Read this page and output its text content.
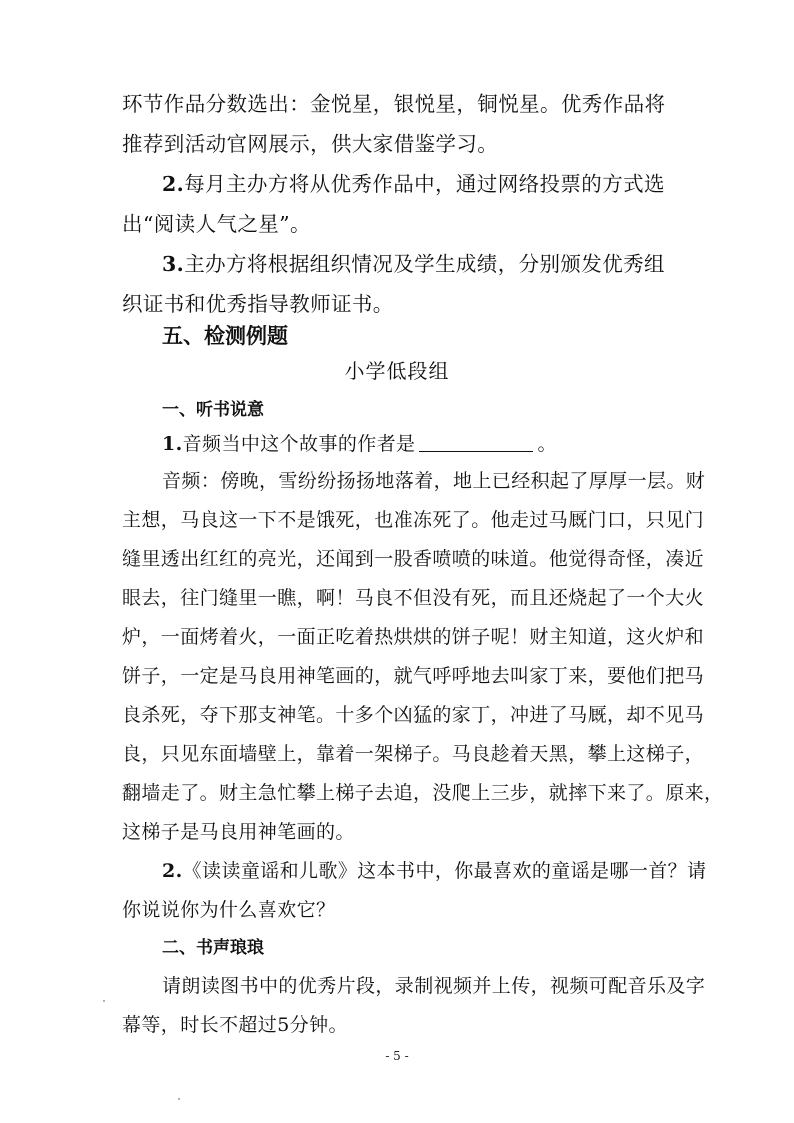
环节作品分数选出：金悦星，银悦星，铜悦星。优秀作品将
推荐到活动官网展示，供大家借鉴学习。
2.每月主办方将从优秀作品中，通过网络投票的方式选
出“阅读人气之星”。
3.主办方将根据组织情况及学生成绩，分别颁发优秀组
织证书和优秀指导教师证书。
五、检测例题
小学低段组
一、听书说意
1.音频当中这个故事的作者是	。
音频：傍晚，雪纷纷扬扬地落着，地上已经积起了厚厚一层。财
主想，马良这一下不是饿死，也准冻死了。他走过马厩门口，只见门
缝里透出红红的亮光，还闻到一股香喷喷的味道。他觉得奇怪，凑近
眼去，往门缝里一瞧，啊！马良不但没有死，而且还烧起了一个大火
炉，一面烤着火，一面正吃着热烘烘的饼子呢！财主知道，这火炉和
饼子，一定是马良用神笔画的，就气呼呼地去叫家丁来，要他们把马
良杀死，夺下那支神笔。十多个凶猛的家丁，冲进了马厩，却不见马
良，只见东面墙壁上，靠着一架梯子。马良趁着天黑，攀上这梯子，
翻墙走了。财主急忙攀上梯子去追，没爬上三步，就摔下来了。原来，
这梯子是马良用神笔画的。
2.《读读童谣和儿歌》这本书中，你最喜欢的童谣是哪一首？请
你说说你为什么喜欢它？
二、书声琅琅
请朗读图书中的优秀片段，录制视频并上传，视频可配音乐及字
幕等，时长不超过5分钟。
- 5 -
